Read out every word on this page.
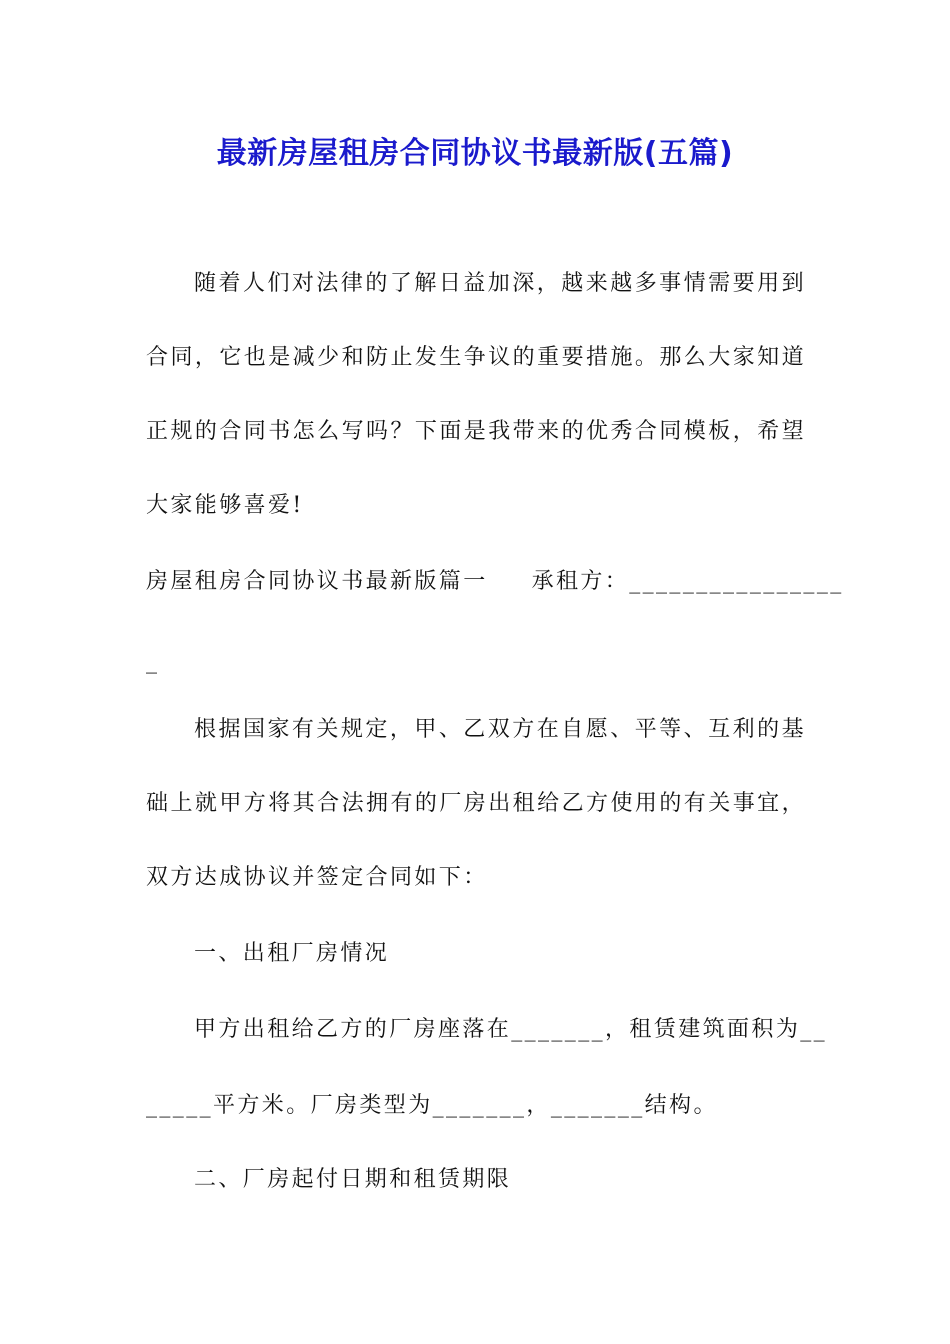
最新房屋租房合同协议书最新版(五篇)
随着人们对法律的了解日益加深，越来越多事情需要用到
合同，它也是减少和防止发生争议的重要措施。那么大家知道
正规的合同书怎么写吗？下面是我带来的优秀合同模板，希望
大家能够喜爱!
房屋租房合同协议书最新版篇一 承租方：________________
_
根据国家有关规定，甲、乙双方在自愿、平等、互利的基
础上就甲方将其合法拥有的厂房出租给乙方使用的有关事宜，
双方达成协议并签定合同如下：
一、出租厂房情况
甲方出租给乙方的厂房座落在_______，租赁建筑面积为__
_____平方米。厂房类型为_______，_______结构。
二、厂房起付日期和租赁期限
